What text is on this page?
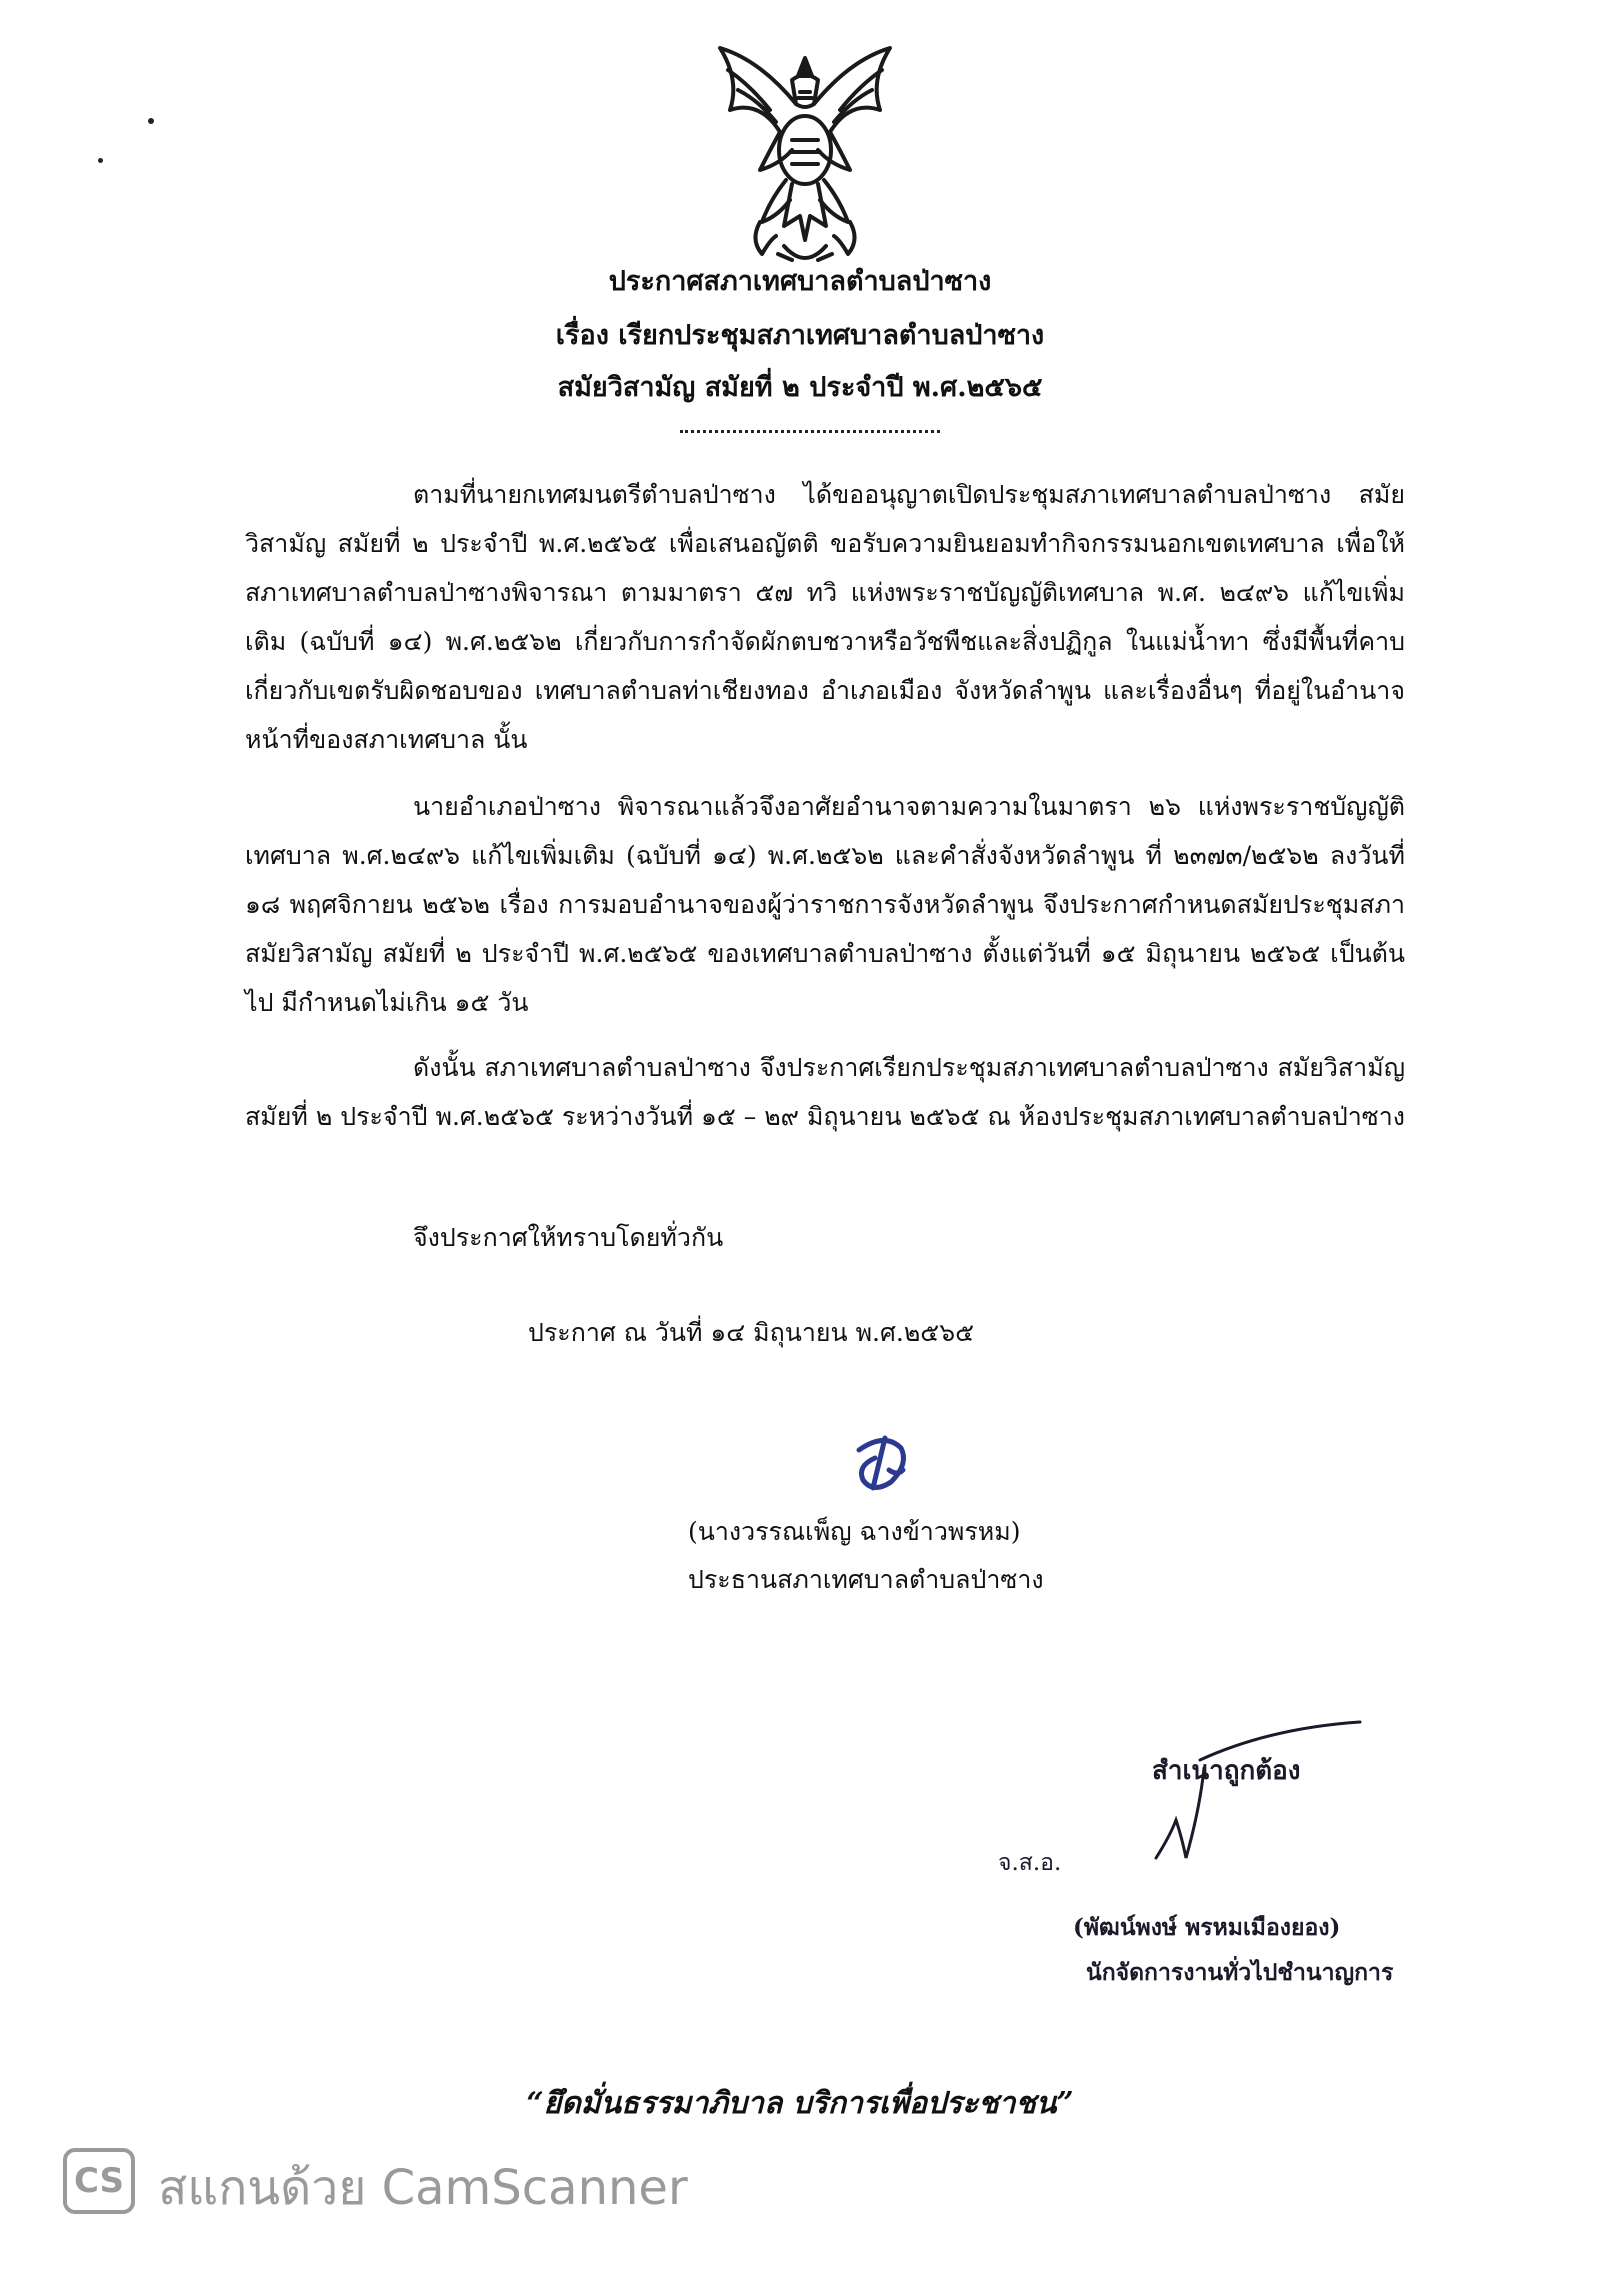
ประกาศสภาเทศบาลตำบลป่าซาง
เรื่อง เรียกประชุมสภาเทศบาลตำบลป่าซาง
สมัยวิสามัญ สมัยที่ ๒ ประจำปี พ.ศ.๒๕๖๕

ตามที่นายกเทศมนตรีตำบลป่าซาง ได้ขออนุญาตเปิดประชุมสภาเทศบาลตำบลป่าซาง สมัยวิสามัญ สมัยที่ ๒ ประจำปี พ.ศ.๒๕๖๕ เพื่อเสนอญัตติ ขอรับความยินยอมทำกิจกรรมนอกเขตเทศบาล เพื่อให้สภาเทศบาลตำบลป่าซางพิจารณา ตามมาตรา ๕๗ ทวิ แห่งพระราชบัญญัติเทศบาล พ.ศ. ๒๔๙๖ แก้ไขเพิ่มเติม (ฉบับที่ ๑๔) พ.ศ.๒๕๖๒ เกี่ยวกับการกำจัดผักตบชวาหรือวัชพืชและสิ่งปฏิกูล ในแม่น้ำทา ซึ่งมีพื้นที่คาบเกี่ยวกับเขตรับผิดชอบของ เทศบาลตำบลท่าเชียงทอง อำเภอเมือง จังหวัดลำพูน และเรื่องอื่นๆ ที่อยู่ในอำนาจหน้าที่ของสภาเทศบาล นั้น

นายอำเภอป่าซาง พิจารณาแล้วจึงอาศัยอำนาจตามความในมาตรา ๒๖ แห่งพระราชบัญญัติเทศบาล พ.ศ.๒๔๙๖ แก้ไขเพิ่มเติม (ฉบับที่ ๑๔) พ.ศ.๒๕๖๒ และคำสั่งจังหวัดลำพูน ที่ ๒๓๗๓/๒๕๖๒ ลงวันที่ ๑๘ พฤศจิกายน ๒๕๖๒ เรื่อง การมอบอำนาจของผู้ว่าราชการจังหวัดลำพูน จึงประกาศกำหนดสมัยประชุมสภา สมัยวิสามัญ สมัยที่ ๒ ประจำปี พ.ศ.๒๕๖๕ ของเทศบาลตำบลป่าซาง ตั้งแต่วันที่ ๑๕ มิถุนายน ๒๕๖๕ เป็นต้นไป มีกำหนดไม่เกิน ๑๕ วัน

ดังนั้น สภาเทศบาลตำบลป่าซาง จึงประกาศเรียกประชุมสภาเทศบาลตำบลป่าซาง สมัยวิสามัญ สมัยที่ ๒ ประจำปี พ.ศ.๒๕๖๕ ระหว่างวันที่ ๑๕ – ๒๙ มิถุนายน ๒๕๖๕ ณ ห้องประชุมสภาเทศบาลตำบลป่าซาง

จึงประกาศให้ทราบโดยทั่วกัน
ประกาศ ณ วันที่ ๑๔ มิถุนายน พ.ศ.๒๕๖๕
(นางวรรณเพ็ญ ฉางข้าวพรหม)
ประธานสภาเทศบาลตำบลป่าซาง
สำเนาถูกต้อง
จ.ส.อ.
(พัฒน์พงษ์ พรหมเมืองยอง)
นักจัดการงานทั่วไปชำนาญการ
“ยึดมั่นธรรมาภิบาล บริการเพื่อประชาชน”
CS สแกนด้วย CamScanner
